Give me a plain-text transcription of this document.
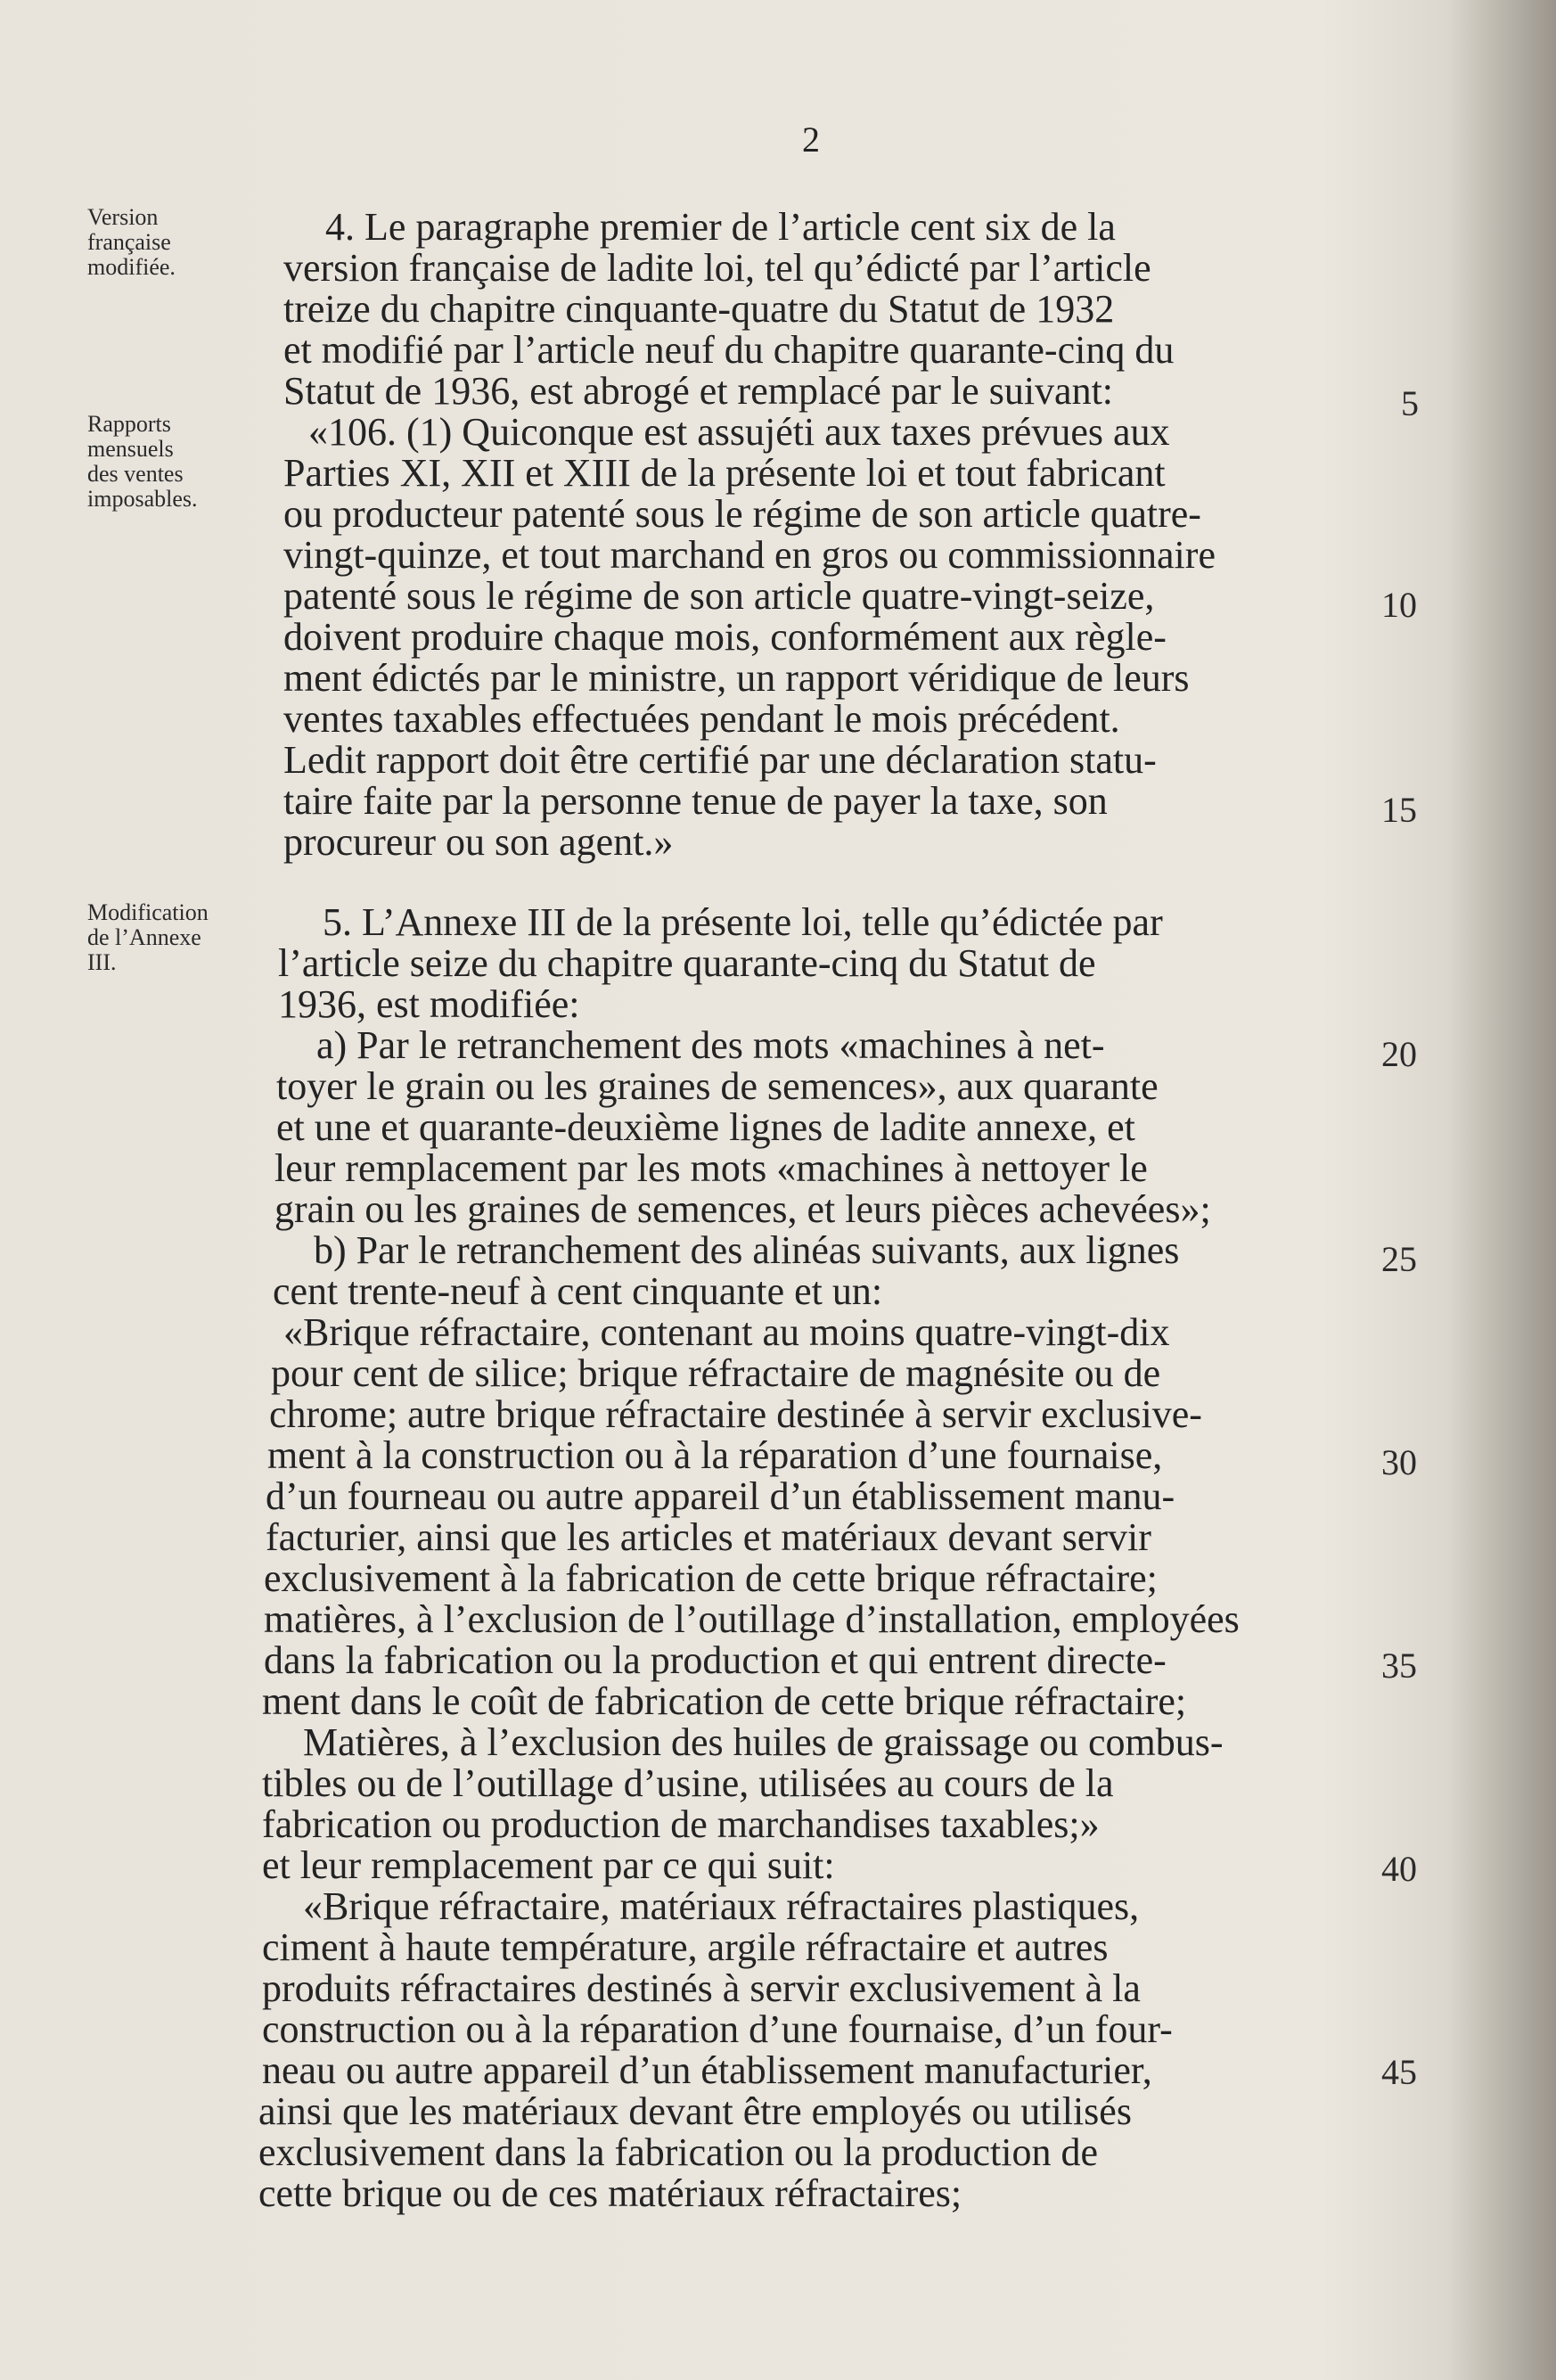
2
Version
française
modifiée.
Rapports
mensuels
des ventes
imposables.
Modification
de l’Annexe
III.
4. Le paragraphe premier de l’article cent six de la
version française de ladite loi, tel qu’édicté par l’article
treize du chapitre cinquante-quatre du Statut de 1932
et modifié par l’article neuf du chapitre quarante-cinq du
Statut de 1936, est abrogé et remplacé par le suivant:
«106. (1) Quiconque est assujéti aux taxes prévues aux
Parties XI, XII et XIII de la présente loi et tout fabricant
ou producteur patenté sous le régime de son article quatre-
vingt-quinze, et tout marchand en gros ou commissionnaire
patenté sous le régime de son article quatre-vingt-seize,
doivent produire chaque mois, conformément aux règle-
ment édictés par le ministre, un rapport véridique de leurs
ventes taxables effectuées pendant le mois précédent.
Ledit rapport doit être certifié par une déclaration statu-
taire faite par la personne tenue de payer la taxe, son
procureur ou son agent.»
5. L’Annexe III de la présente loi, telle qu’édictée par
l’article seize du chapitre quarante-cinq du Statut de
1936, est modifiée:
a) Par le retranchement des mots «machines à net-
toyer le grain ou les graines de semences», aux quarante
et une et quarante-deuxième lignes de ladite annexe, et
leur remplacement par les mots «machines à nettoyer le
grain ou les graines de semences, et leurs pièces achevées»;
b) Par le retranchement des alinéas suivants, aux lignes
cent trente-neuf à cent cinquante et un:
«Brique réfractaire, contenant au moins quatre-vingt-dix
pour cent de silice; brique réfractaire de magnésite ou de
chrome; autre brique réfractaire destinée à servir exclusive-
ment à la construction ou à la réparation d’une fournaise,
d’un fourneau ou autre appareil d’un établissement manu-
facturier, ainsi que les articles et matériaux devant servir
exclusivement à la fabrication de cette brique réfractaire;
matières, à l’exclusion de l’outillage d’installation, employées
dans la fabrication ou la production et qui entrent directe-
ment dans le coût de fabrication de cette brique réfractaire;
Matières, à l’exclusion des huiles de graissage ou combus-
tibles ou de l’outillage d’usine, utilisées au cours de la
fabrication ou production de marchandises taxables;»
et leur remplacement par ce qui suit:
«Brique réfractaire, matériaux réfractaires plastiques,
ciment à haute température, argile réfractaire et autres
produits réfractaires destinés à servir exclusivement à la
construction ou à la réparation d’une fournaise, d’un four-
neau ou autre appareil d’un établissement manufacturier,
ainsi que les matériaux devant être employés ou utilisés
exclusivement dans la fabrication ou la production de
cette brique ou de ces matériaux réfractaires;
5
10
15
20
25
30
35
40
45
